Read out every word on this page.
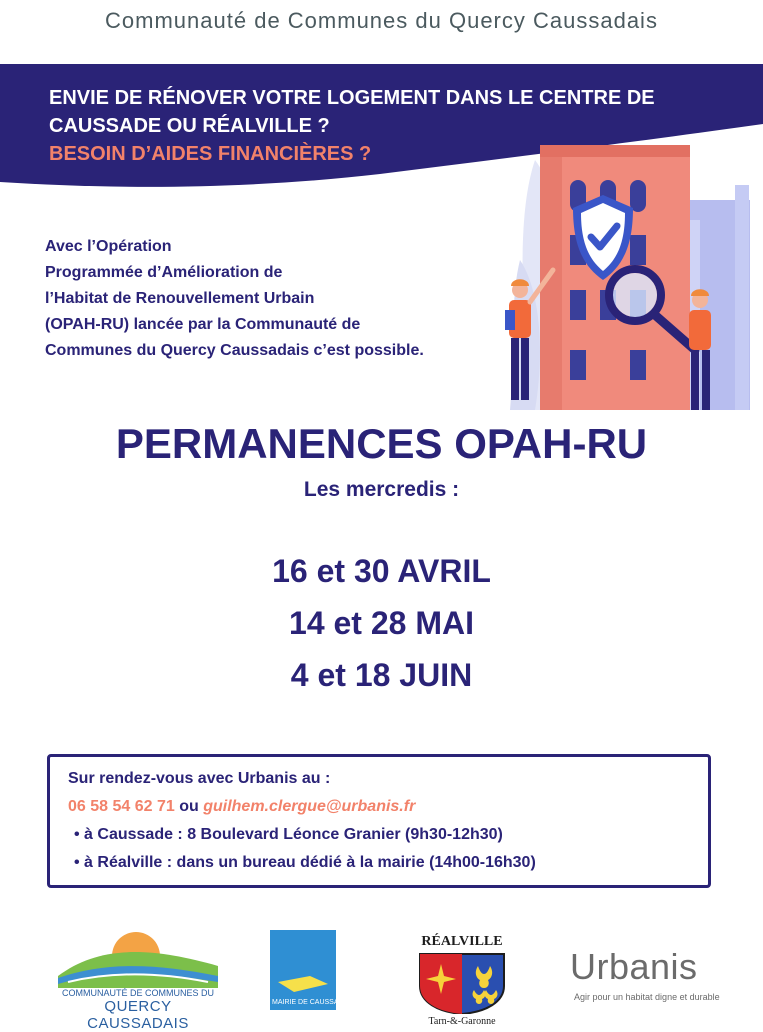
Communauté de Communes du Quercy Caussadais
ENVIE DE RÉNOVER VOTRE LOGEMENT DANS LE CENTRE DE
CAUSSADE OU RÉALVILLE ?
BESOIN D’AIDES FINANCIÈRES ?
Avec l’Opération
Programmée d’Amélioration de
l’Habitat de Renouvellement Urbain
(OPAH-RU) lancée par la Communauté de
Communes du Quercy Caussadais c’est possible.
PERMANENCES OPAH-RU
Les mercredis :
16 et 30 AVRIL
14 et 28 MAI
4 et 18 JUIN
Sur rendez-vous avec Urbanis au :
06 58 54 62 71 ou guilhem.clergue@urbanis.fr
• à Caussade : 8 Boulevard Léonce Granier (9h30-12h30)
• à Réalville : dans un bureau dédié à la mairie (14h00-16h30)
COMMUNAUTÉ DE COMMUNES DU
QUERCY CAUSSADAIS
MAIRIE DE CAUSSADE
RÉALVILLE
Tarn-&-Garonne
Urbanis
Agir pour un habitat digne et durable
